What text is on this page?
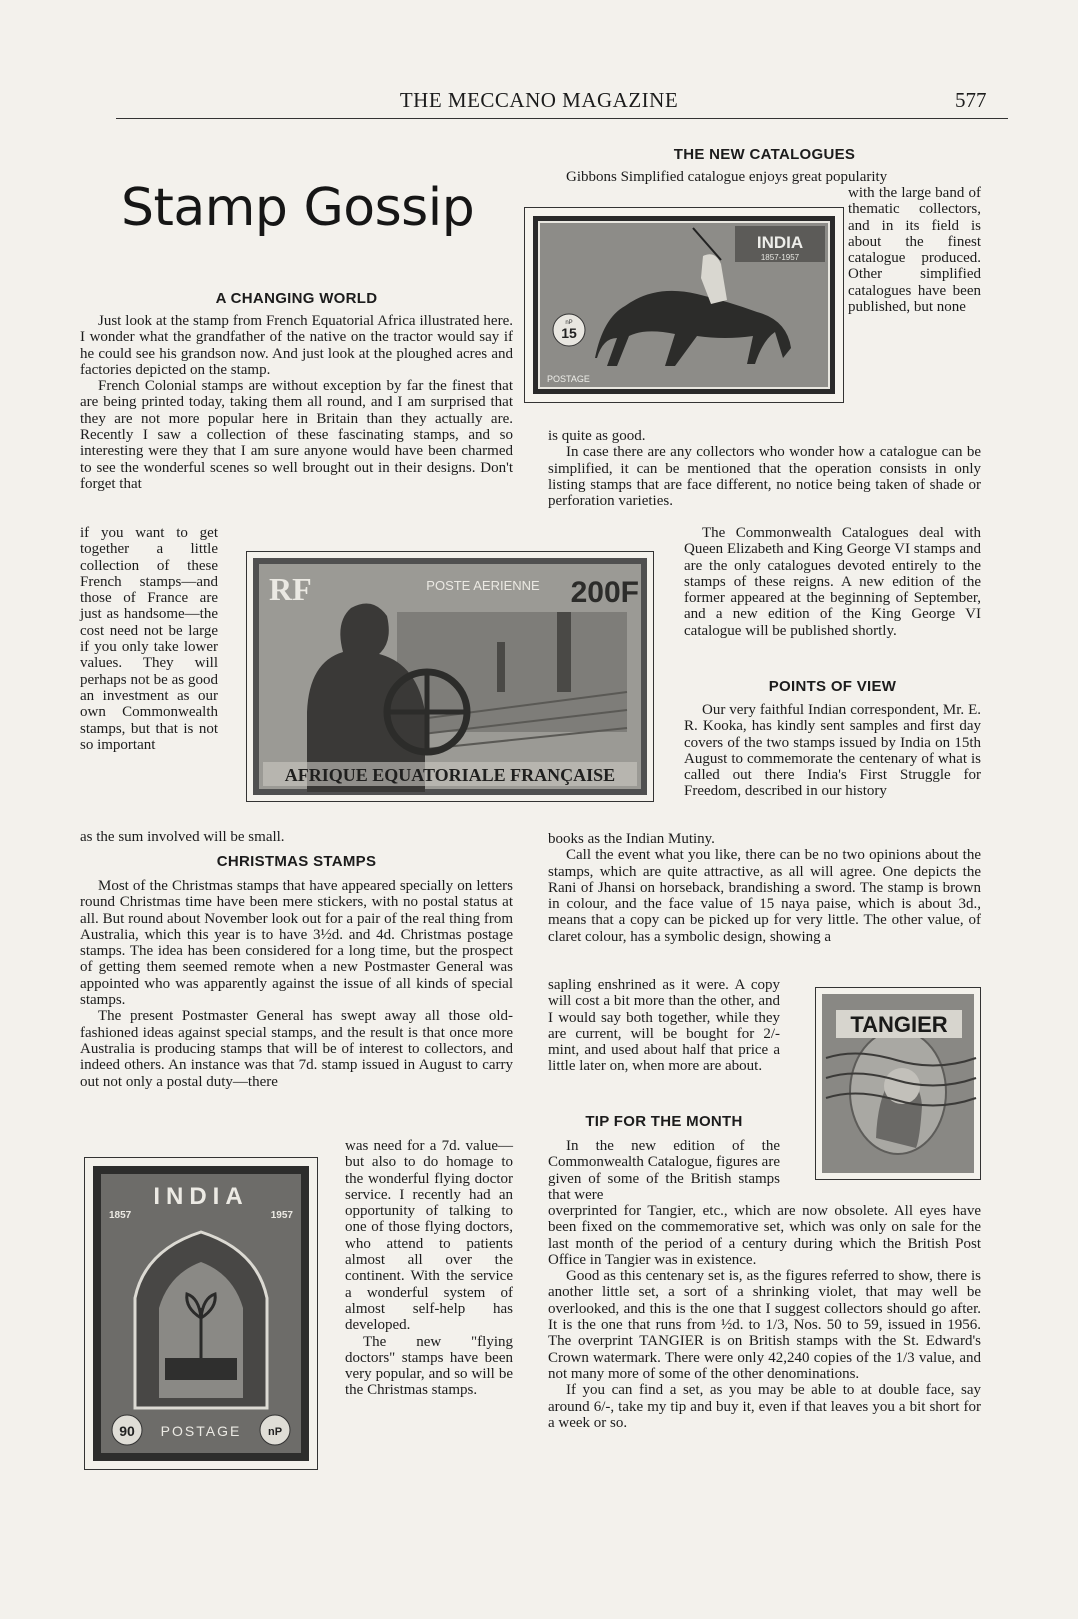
THE MECCANO MAGAZINE	577
Stamp Gossip
A CHANGING WORLD

Just look at the stamp from French Equatorial Africa illustrated here. I wonder what the grandfather of the native on the tractor would say if he could see his grandson now. And just look at the ploughed acres and factories depicted on the stamp.

French Colonial stamps are without exception by far the finest that are being printed today, taking them all round, and I am surprised that they are not more popular here in Britain than they actually are. Recently I saw a collection of these fascinating stamps, and so interesting were they that I am sure anyone would have been charmed to see the wonderful scenes so well brought out in their designs. Don't forget that

if you want to get together a little collection of these French stamps—and those of France are just as handsome—the cost need not be large if you only take lower values. They will perhaps not be as good an investment as our own Commonwealth stamps, but that is not so important

as the sum involved will be small.

CHRISTMAS STAMPS

Most of the Christmas stamps that have appeared specially on letters round Christmas time have been mere stickers, with no postal status at all. But round about November look out for a pair of the real thing from Australia, which this year is to have 3½d. and 4d. Christmas postage stamps. The idea has been considered for a long time, but the prospect of getting them seemed remote when a new Postmaster General was appointed who was apparently against the issue of all kinds of special stamps.

The present Postmaster General has swept away all those old-fashioned ideas against special stamps, and the result is that once more Australia is producing stamps that will be of interest to collectors, and indeed others. An instance was that 7d. stamp issued in August to carry out not only a postal duty—there

was need for a 7d. value—but also to do homage to the wonderful flying doctor service. I recently had an opportunity of talking to one of those flying doctors, who attend to patients almost all over the continent. With the service a wonderful system of almost self-help has developed.

The new "flying doctors" stamps have been very popular, and so will be the Christmas stamps.

THE NEW CATALOGUES

Gibbons Simplified catalogue enjoys great popularity

with the large band of thematic collectors, and in its field is about the finest catalogue produced. Other simplified catalogues have been published, but none

is quite as good.

In case there are any collectors who wonder how a catalogue can be simplified, it can be mentioned that the operation consists in only listing stamps that are face different, no notice being taken of shade or perforation varieties.

The Commonwealth Catalogues deal with Queen Elizabeth and King George VI stamps and are the only catalogues devoted entirely to the stamps of these reigns. A new edition of the former appeared at the beginning of September, and a new edition of the King George VI catalogue will be published shortly.

POINTS OF VIEW

Our very faithful Indian correspondent, Mr. E. R. Kooka, has kindly sent samples and first day covers of the two stamps issued by India on 15th August to commemorate the centenary of what is called out there India's First Struggle for Freedom, described in our history

books as the Indian Mutiny.

Call the event what you like, there can be no two opinions about the stamps, which are quite attractive, as all will agree. One depicts the Rani of Jhansi on horseback, brandishing a sword. The stamp is brown in colour, and the face value of 15 naya paise, which is about 3d., means that a copy can be picked up for very little. The other value, of claret colour, has a symbolic design, showing a

sapling enshrined as it were. A copy will cost a bit more than the other, and I would say both together, while they are current, will be bought for 2/- mint, and used about half that price a little later on, when more are about.

TIP FOR THE MONTH

In the new edition of the Commonwealth Catalogue, figures are given of some of the British stamps that were

overprinted for Tangier, etc., which are now obsolete. All eyes have been fixed on the commemorative set, which was only on sale for the last month of the period of a century during which the British Post Office in Tangier was in existence.

Good as this centenary set is, as the figures referred to show, there is another little set, a sort of a shrinking violet, that may well be overlooked, and this is the one that I suggest collectors should go after. It is the one that runs from ½d. to 1/3, Nos. 50 to 59, issued in 1956. The overprint TANGIER is on British stamps with the St. Edward's Crown watermark. There were only 42,240 copies of the 1/3 value, and not many more of some of the other denominations.

If you can find a set, as you may be able to at double face, say around 6/-, take my tip and buy it, even if that leaves you a bit short for a week or so.

INDIA
1857-1957
nP
15
POSTAGE
RF	POSTE AERIENNE 200F
AFRIQUE EQUATORIALE FRANÇAISE
INDIA
1857	1957
90 POSTAGE nP
TANGIER
